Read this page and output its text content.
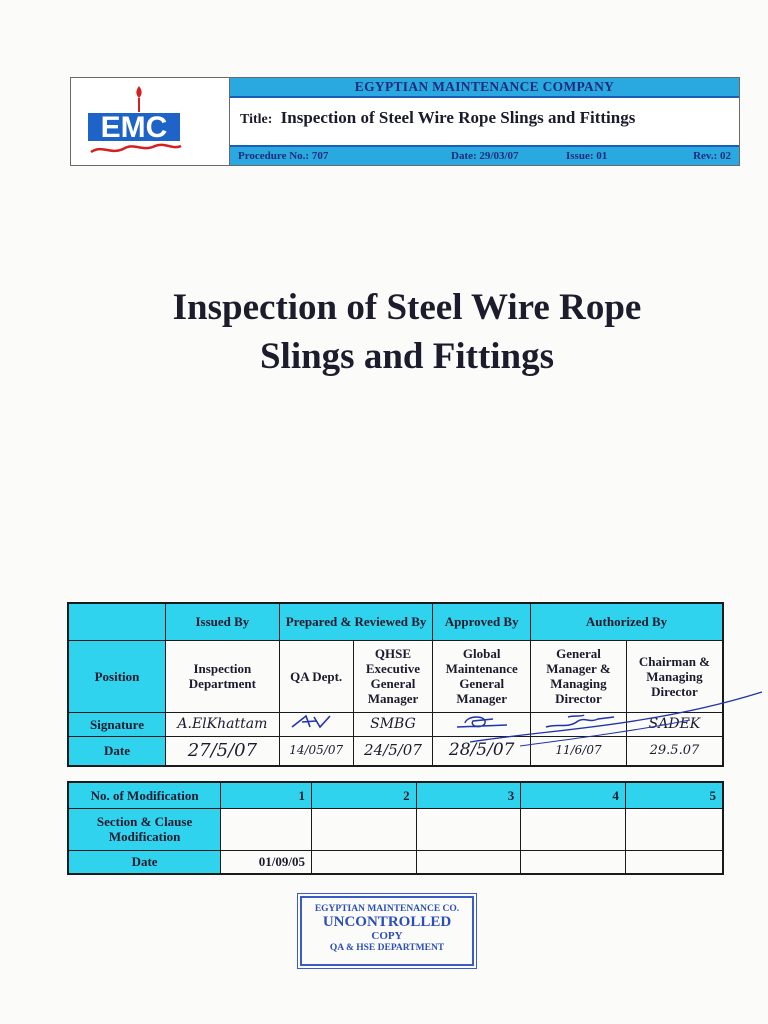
EMC
EGYPTIAN MAINTENANCE COMPANY
Title: Inspection of Steel Wire Rope Slings and Fittings
Procedure No.: 707	Date: 29/03/07	Issue: 01	Rev.: 02
Inspection of Steel Wire Rope
Slings and Fittings
	Issued By	Prepared & Reviewed By		Approved By	Authorized By	
Position	Inspection Department	QA Dept.	QHSE Executive General Manager	Global Maintenance General Manager	General Manager & Managing Director	Chairman & Managing Director
Signature	A.ElKhattam		SMBG			SADEK
Date	27/5/07	14/05/07	24/5/07	28/5/07	11/6/07	29.5.07
No. of Modification	1	2	3	4	5
Section & Clause Modification					
Date	01/09/05				
EGYPTIAN MAINTENANCE CO.
UNCONTROLLED
COPY
QA & HSE DEPARTMENT
